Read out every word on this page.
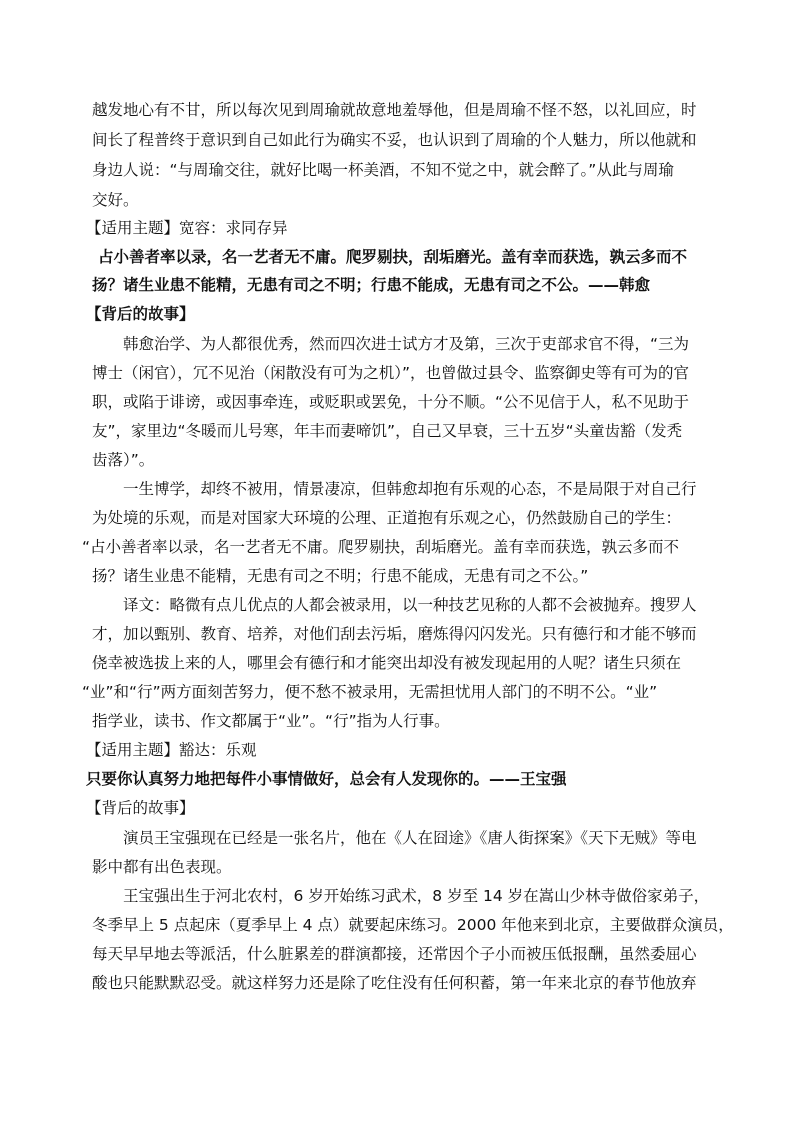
越发地心有不甘，所以每次见到周瑜就故意地羞辱他，但是周瑜不怪不怒，以礼回应，时
间长了程普终于意识到自己如此行为确实不妥，也认识到了周瑜的个人魅力，所以他就和
身边人说：“与周瑜交往，就好比喝一杯美酒，不知不觉之中，就会醉了。”从此与周瑜
交好。
【适用主题】宽容：求同存异
占小善者率以录，名一艺者无不庸。爬罗剔抉，刮垢磨光。盖有幸而获选，孰云多而不
扬？诸生业患不能精，无患有司之不明；行患不能成，无患有司之不公。——韩愈
【背后的故事】
韩愈治学、为人都很优秀，然而四次进士试方才及第，三次于吏部求官不得，“三为
博士（闲官），冗不见治（闲散没有可为之机）”，也曾做过县令、监察御史等有可为的官
职，或陷于诽谤，或因事牵连，或贬职或罢免，十分不顺。“公不见信于人，私不见助于
友”，家里边“冬暖而儿号寒，年丰而妻啼饥”，自己又早衰，三十五岁“头童齿豁（发秃
齿落）”。
一生博学，却终不被用，情景凄凉，但韩愈却抱有乐观的心态，不是局限于对自己行
为处境的乐观，而是对国家大环境的公理、正道抱有乐观之心，仍然鼓励自己的学生：
“占小善者率以录，名一艺者无不庸。爬罗剔抉，刮垢磨光。盖有幸而获选，孰云多而不
扬？诸生业患不能精，无患有司之不明；行患不能成，无患有司之不公。”
译文：略微有点儿优点的人都会被录用，以一种技艺见称的人都不会被抛弃。搜罗人
才，加以甄别、教育、培养，对他们刮去污垢，磨炼得闪闪发光。只有德行和才能不够而
侥幸被选拔上来的人，哪里会有德行和才能突出却没有被发现起用的人呢？诸生只须在
“业”和“行”两方面刻苦努力，便不愁不被录用，无需担忧用人部门的不明不公。“业”
指学业，读书、作文都属于“业”。“行”指为人行事。
【适用主题】豁达：乐观
只要你认真努力地把每件小事情做好，总会有人发现你的。——王宝强
【背后的故事】
演员王宝强现在已经是一张名片，他在《人在囧途》《唐人街探案》《天下无贼》等电
影中都有出色表现。
王宝强出生于河北农村，6 岁开始练习武术，8 岁至 14 岁在嵩山少林寺做俗家弟子，
冬季早上 5 点起床（夏季早上 4 点）就要起床练习。2000 年他来到北京，主要做群众演员，
每天早早地去等派活，什么脏累差的群演都接，还常因个子小而被压低报酬，虽然委屈心
酸也只能默默忍受。就这样努力还是除了吃住没有任何积蓄，第一年来北京的春节他放弃
